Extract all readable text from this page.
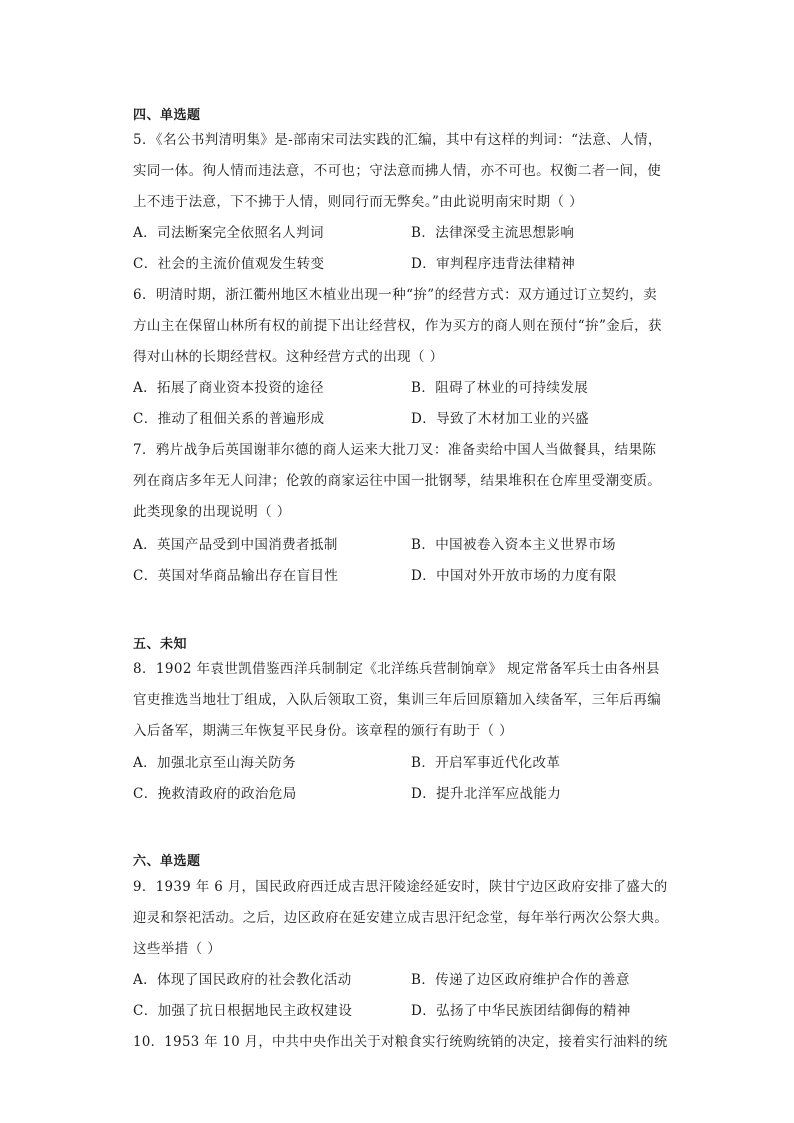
四、单选题
5．《名公书判清明集》是-部南宋司法实践的汇编，其中有这样的判词：“法意、人情，
实同一体。徇人情而违法意，不可也；守法意而拂人情，亦不可也。权衡二者一间，使
上不违于法意，下不拂于人情，则同行而无弊矣。”由此说明南宋时期（ ）
A．司法断案完全依照名人判词	B．法律深受主流思想影响
C．社会的主流价值观发生转变	D．审判程序违背法律精神
6．明清时期，浙江衢州地区木植业出现一种“拚”的经营方式：双方通过订立契约，卖
方山主在保留山林所有权的前提下出让经营权，作为买方的商人则在预付“拚”金后，获
得对山林的长期经营权。这种经营方式的出现（ ）
A．拓展了商业资本投资的途径	B．阻碍了林业的可持续发展
C．推动了租佃关系的普遍形成	D．导致了木材加工业的兴盛
7．鸦片战争后英国谢菲尔德的商人运来大批刀叉：准备卖给中国人当做餐具，结果陈
列在商店多年无人问津；伦敦的商家运往中国一批钢琴，结果堆积在仓库里受潮变质。
此类现象的出现说明（ ）
A．英国产品受到中国消费者抵制	B．中国被卷入资本主义世界市场
C．英国对华商品输出存在盲目性	D．中国对外开放市场的力度有限
五、未知
8．1902 年袁世凯借鉴西洋兵制制定《北洋练兵营制饷章》 规定常备军兵士由各州县
官吏推选当地壮丁组成，入队后领取工资，集训三年后回原籍加入续备军，三年后再编
入后备军，期满三年恢复平民身份。该章程的颁行有助于（ ）
A．加强北京至山海关防务	B．开启军事近代化改革
C．挽救清政府的政治危局	D．提升北洋军应战能力
六、单选题
9．1939 年 6 月，国民政府西迁成吉思汗陵途经延安时，陕甘宁边区政府安排了盛大的
迎灵和祭祀活动。之后，边区政府在延安建立成吉思汗纪念堂，每年举行两次公祭大典。
这些举措（ ）
A．体现了国民政府的社会教化活动	B．传递了边区政府维护合作的善意
C．加强了抗日根据地民主政权建设	D．弘扬了中华民族团结御侮的精神
10．1953 年 10 月，中共中央作出关于对粮食实行统购统销的决定，接着实行油料的统
